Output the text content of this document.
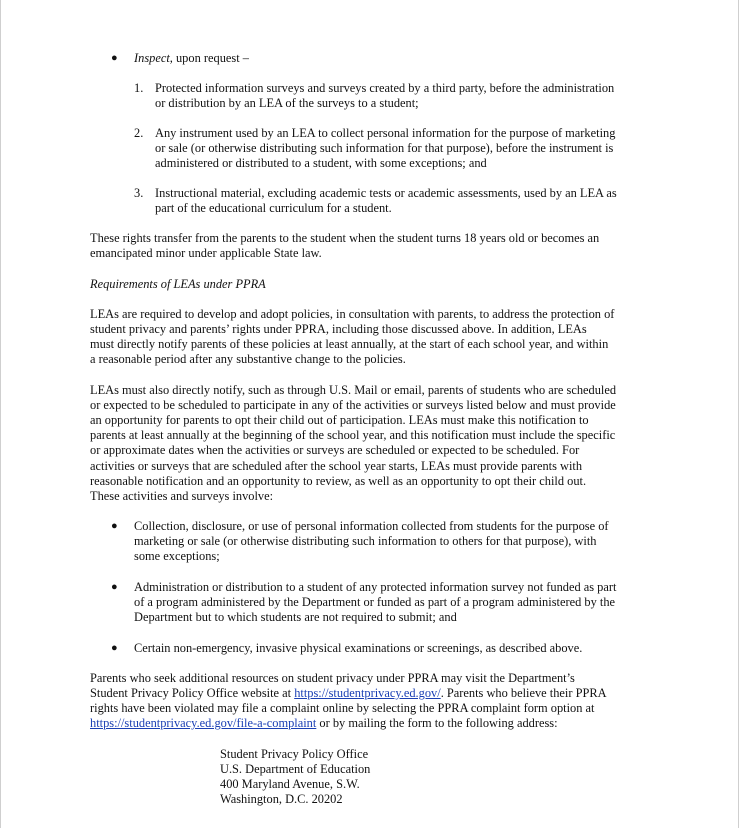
● Inspect, upon request –
1. Protected information surveys and surveys created by a third party, before the administration
or distribution by an LEA of the surveys to a student;
2. Any instrument used by an LEA to collect personal information for the purpose of marketing
or sale (or otherwise distributing such information for that purpose), before the instrument is
administered or distributed to a student, with some exceptions; and
3. Instructional material, excluding academic tests or academic assessments, used by an LEA as
part of the educational curriculum for a student.
These rights transfer from the parents to the student when the student turns 18 years old or becomes an
emancipated minor under applicable State law.
Requirements of LEAs under PPRA
LEAs are required to develop and adopt policies, in consultation with parents, to address the protection of
student privacy and parents’ rights under PPRA, including those discussed above. In addition, LEAs
must directly notify parents of these policies at least annually, at the start of each school year, and within
a reasonable period after any substantive change to the policies.
LEAs must also directly notify, such as through U.S. Mail or email, parents of students who are scheduled
or expected to be scheduled to participate in any of the activities or surveys listed below and must provide
an opportunity for parents to opt their child out of participation. LEAs must make this notification to
parents at least annually at the beginning of the school year, and this notification must include the specific
or approximate dates when the activities or surveys are scheduled or expected to be scheduled. For
activities or surveys that are scheduled after the school year starts, LEAs must provide parents with
reasonable notification and an opportunity to review, as well as an opportunity to opt their child out.
These activities and surveys involve:
● Collection, disclosure, or use of personal information collected from students for the purpose of
marketing or sale (or otherwise distributing such information to others for that purpose), with
some exceptions;
● Administration or distribution to a student of any protected information survey not funded as part
of a program administered by the Department or funded as part of a program administered by the
Department but to which students are not required to submit; and
● Certain non-emergency, invasive physical examinations or screenings, as described above.
Parents who seek additional resources on student privacy under PPRA may visit the Department’s
Student Privacy Policy Office website at https://studentprivacy.ed.gov/. Parents who believe their PPRA
rights have been violated may file a complaint online by selecting the PPRA complaint form option at
https://studentprivacy.ed.gov/file-a-complaint or by mailing the form to the following address:
Student Privacy Policy Office
U.S. Department of Education
400 Maryland Avenue, S.W.
Washington, D.C. 20202
